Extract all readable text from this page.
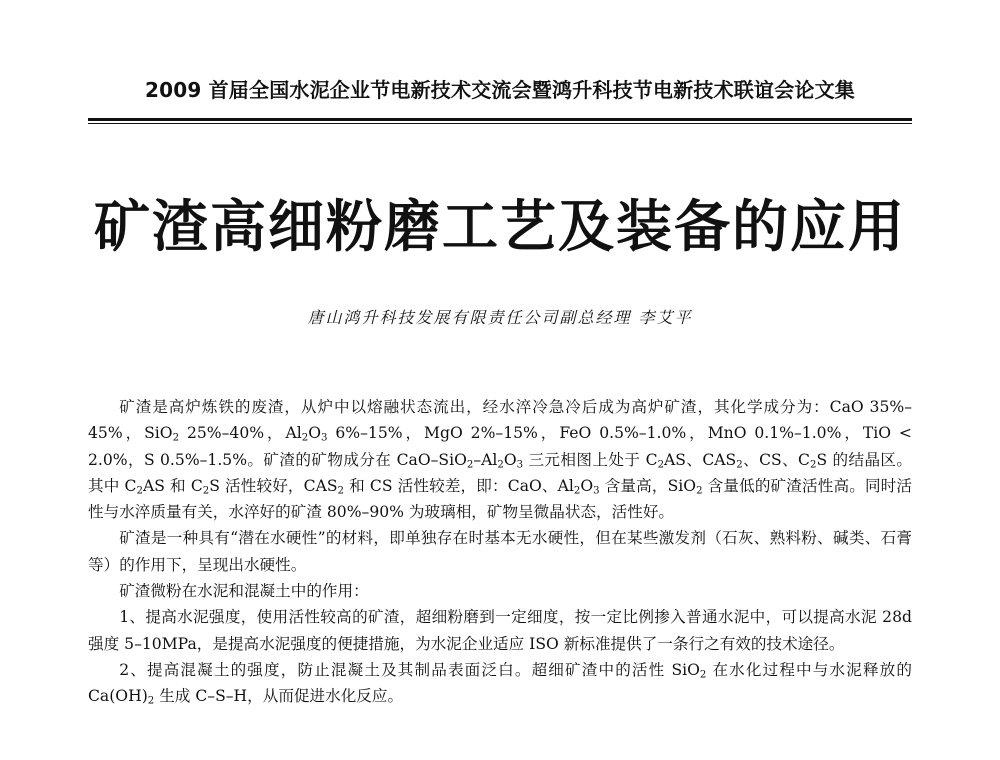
2009 首届全国水泥企业节电新技术交流会暨鸿升科技节电新技术联谊会论文集
矿渣高细粉磨工艺及装备的应用
唐山鸿升科技发展有限责任公司副总经理 李艾平

矿渣是高炉炼铁的废渣，从炉中以熔融状态流出，经水淬冷急冷后成为高炉矿渣，其化学成分为：CaO 35%–45%，SiO$_2$ 25%–40%，$Al_2O_3$ 6%–15%，MgO 2%–15%，FeO 0.5%–1.0%，MnO 0.1%–1.0%，TiO < 2.0%，S 0.5%–1.5%。矿渣的矿物成分在 CaO–$SiO_2-Al_2O_3$ 三元相图上处于 $C_2AS$、$CAS_2$、CS、$C_2S$ 的结晶区。其中 $C_2AS$ 和 $C_2S$ 活性较好，$CAS_2$ 和 CS 活性较差，即：CaO、$Al_2O_3$ 含量高，SiO$_2$ 含量低的矿渣活性高。同时活性与水淬质量有关，水淬好的矿渣 80%–90% 为玻璃相，矿物呈微晶状态，活性好。

矿渣是一种具有“潜在水硬性”的材料，即单独存在时基本无水硬性，但在某些激发剂（石灰、熟料粉、碱类、石膏等）的作用下，呈现出水硬性。

矿渣微粉在水泥和混凝土中的作用：

1、提高水泥强度，使用活性较高的矿渣，超细粉磨到一定细度，按一定比例掺入普通水泥中，可以提高水泥 28d 强度 5–10MPa，是提高水泥强度的便捷措施，为水泥企业适应 ISO 新标准提供了一条行之有效的技术途径。

2、提高混凝土的强度，防止混凝土及其制品表面泛白。超细矿渣中的活性 SiO$_2$ 在水化过程中与水泥释放的 $Ca(OH)_2$ 生成 C–S–H，从而促进水化反应。
